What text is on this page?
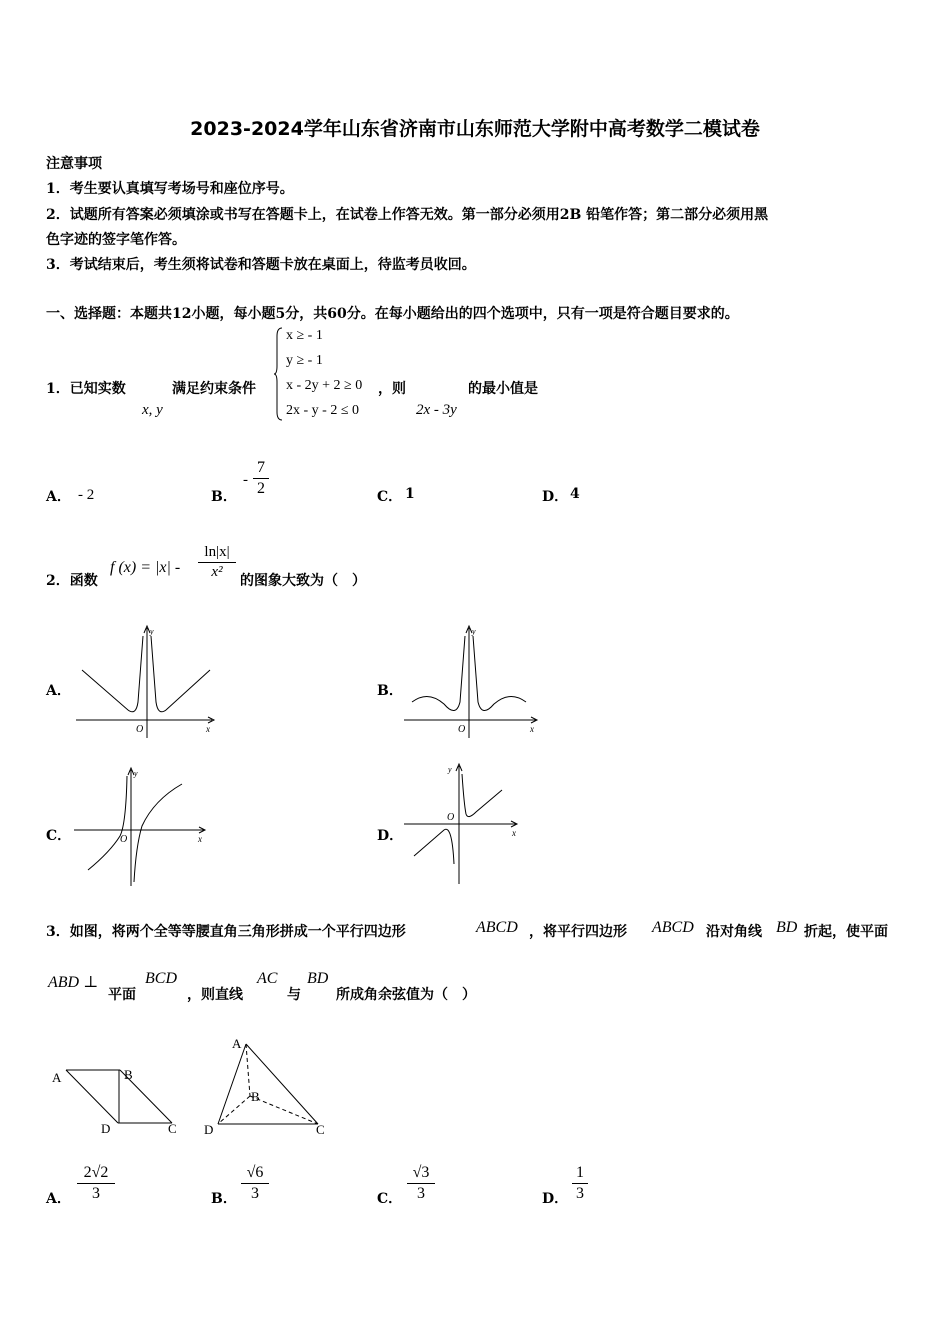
2023-2024学年山东省济南市山东师范大学附中高考数学二模试卷
注意事项
1．考生要认真填写考场号和座位序号。
2．试题所有答案必须填涂或书写在答题卡上，在试卷上作答无效。第一部分必须用2B 铅笔作答；第二部分必须用黑
色字迹的签字笔作答。
3．考试结束后，考生须将试卷和答题卡放在桌面上，待监考员收回。
一、选择题：本题共12小题，每小题5分，共60分。在每小题给出的四个选项中，只有一项是符合题目要求的。
1．已知实数
x, y
满足约束条件
x ≥ - 1
y ≥ - 1
x - 2y + 2 ≥ 0
2x - y - 2 ≤ 0
，则
2x - 3y
的最小值是
A． - 2	B．
-
7
2	C． 1	D． 4
2．函数
f (x) = |x| -
ln|x|
x²
的图象大致为（　）
A．	B．
C．	D．
y
x
O
y
x
O
y
x
O
y
x
O
3．如图，将两个全等等腰直角三角形拼成一个平行四边形	ABCD ，将平行四边形 ABCD 沿对角线 BD 折起，使平面
ABD ⊥
平面
BCD
，则直线
AC
与
BD
所成角余弦值为（　）
A	B
C
D
A
B
C
D
A．
2√2
3	B．
√6
3	C．
√3
3	D．
1
3
